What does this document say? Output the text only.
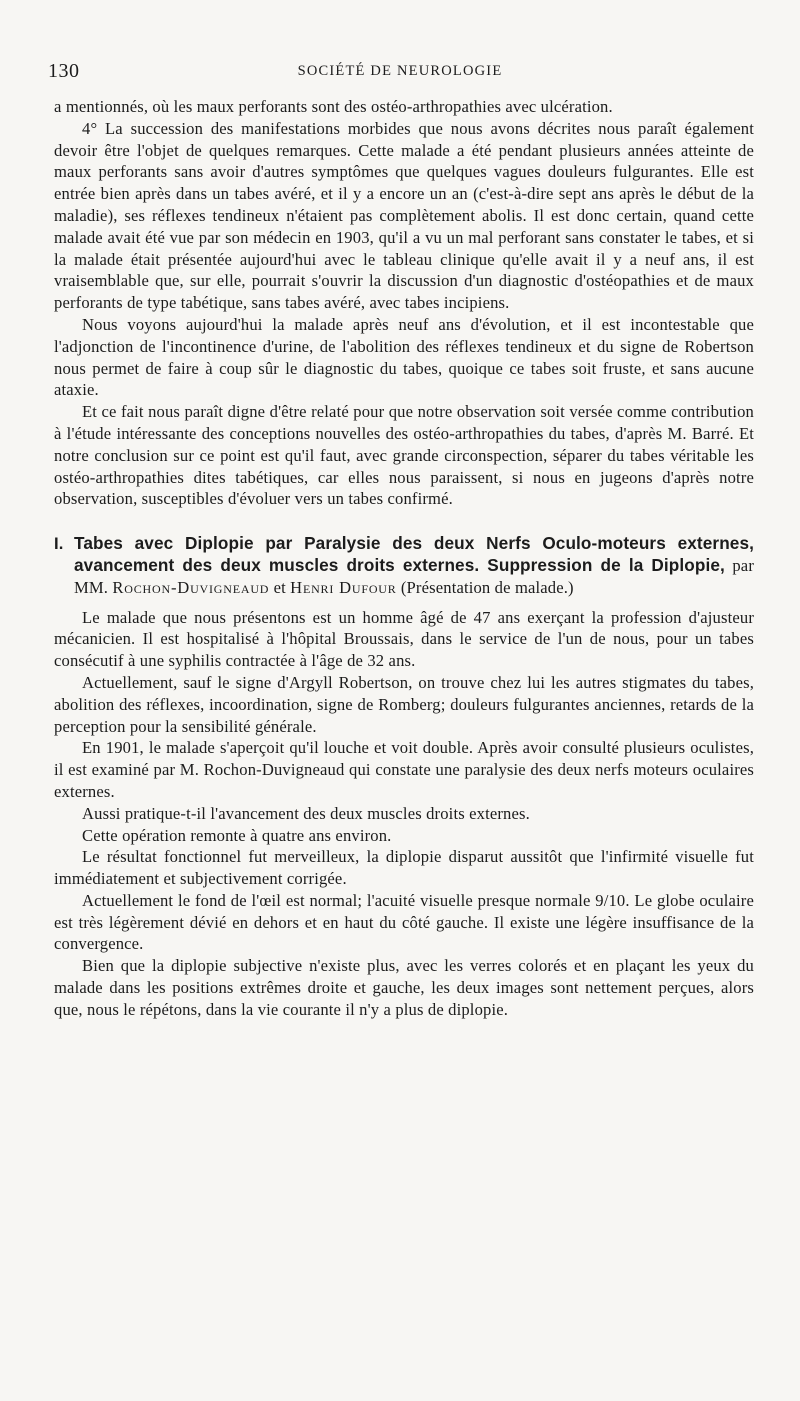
130	SOCIÉTÉ DE NEUROLOGIE

a mentionnés, où les maux perforants sont des ostéo-arthropathies avec ulcération.

4° La succession des manifestations morbides que nous avons décrites nous paraît également devoir être l'objet de quelques remarques. Cette malade a été pendant plusieurs années atteinte de maux perforants sans avoir d'autres symptômes que quelques vagues douleurs fulgurantes. Elle est entrée bien après dans un tabes avéré, et il y a encore un an (c'est-à-dire sept ans après le début de la maladie), ses réflexes tendineux n'étaient pas complètement abolis. Il est donc certain, quand cette malade avait été vue par son médecin en 1903, qu'il a vu un mal perforant sans constater le tabes, et si la malade était présentée aujourd'hui avec le tableau clinique qu'elle avait il y a neuf ans, il est vraisemblable que, sur elle, pourrait s'ouvrir la discussion d'un diagnostic d'ostéopathies et de maux perforants de type tabétique, sans tabes avéré, avec tabes incipiens.

Nous voyons aujourd'hui la malade après neuf ans d'évolution, et il est incontestable que l'adjonction de l'incontinence d'urine, de l'abolition des réflexes tendineux et du signe de Robertson nous permet de faire à coup sûr le diagnostic du tabes, quoique ce tabes soit fruste, et sans aucune ataxie.

Et ce fait nous paraît digne d'être relaté pour que notre observation soit versée comme contribution à l'étude intéressante des conceptions nouvelles des ostéo-arthropathies du tabes, d'après M. Barré. Et notre conclusion sur ce point est qu'il faut, avec grande circonspection, séparer du tabes véritable les ostéo-arthropathies dites tabétiques, car elles nous paraissent, si nous en jugeons d'après notre observation, susceptibles d'évoluer vers un tabes confirmé.

I. Tabes avec Diplopie par Paralysie des deux Nerfs Oculo-moteurs externes, avancement des deux muscles droits externes. Suppression de la Diplopie, par MM. Rochon-Duvigneaud et Henri Dufour (Présentation de malade.)

Le malade que nous présentons est un homme âgé de 47 ans exerçant la profession d'ajusteur mécanicien. Il est hospitalisé à l'hôpital Broussais, dans le service de l'un de nous, pour un tabes consécutif à une syphilis contractée à l'âge de 32 ans.

Actuellement, sauf le signe d'Argyll Robertson, on trouve chez lui les autres stigmates du tabes, abolition des réflexes, incoordination, signe de Romberg; douleurs fulgurantes anciennes, retards de la perception pour la sensibilité générale.

En 1901, le malade s'aperçoit qu'il louche et voit double. Après avoir consulté plusieurs oculistes, il est examiné par M. Rochon-Duvigneaud qui constate une paralysie des deux nerfs moteurs oculaires externes.

Aussi pratique-t-il l'avancement des deux muscles droits externes.

Cette opération remonte à quatre ans environ.

Le résultat fonctionnel fut merveilleux, la diplopie disparut aussitôt que l'infirmité visuelle fut immédiatement et subjectivement corrigée.

Actuellement le fond de l'œil est normal; l'acuité visuelle presque normale 9/10. Le globe oculaire est très légèrement dévié en dehors et en haut du côté gauche. Il existe une légère insuffisance de la convergence.

Bien que la diplopie subjective n'existe plus, avec les verres colorés et en plaçant les yeux du malade dans les positions extrêmes droite et gauche, les deux images sont nettement perçues, alors que, nous le répétons, dans la vie courante il n'y a plus de diplopie.
